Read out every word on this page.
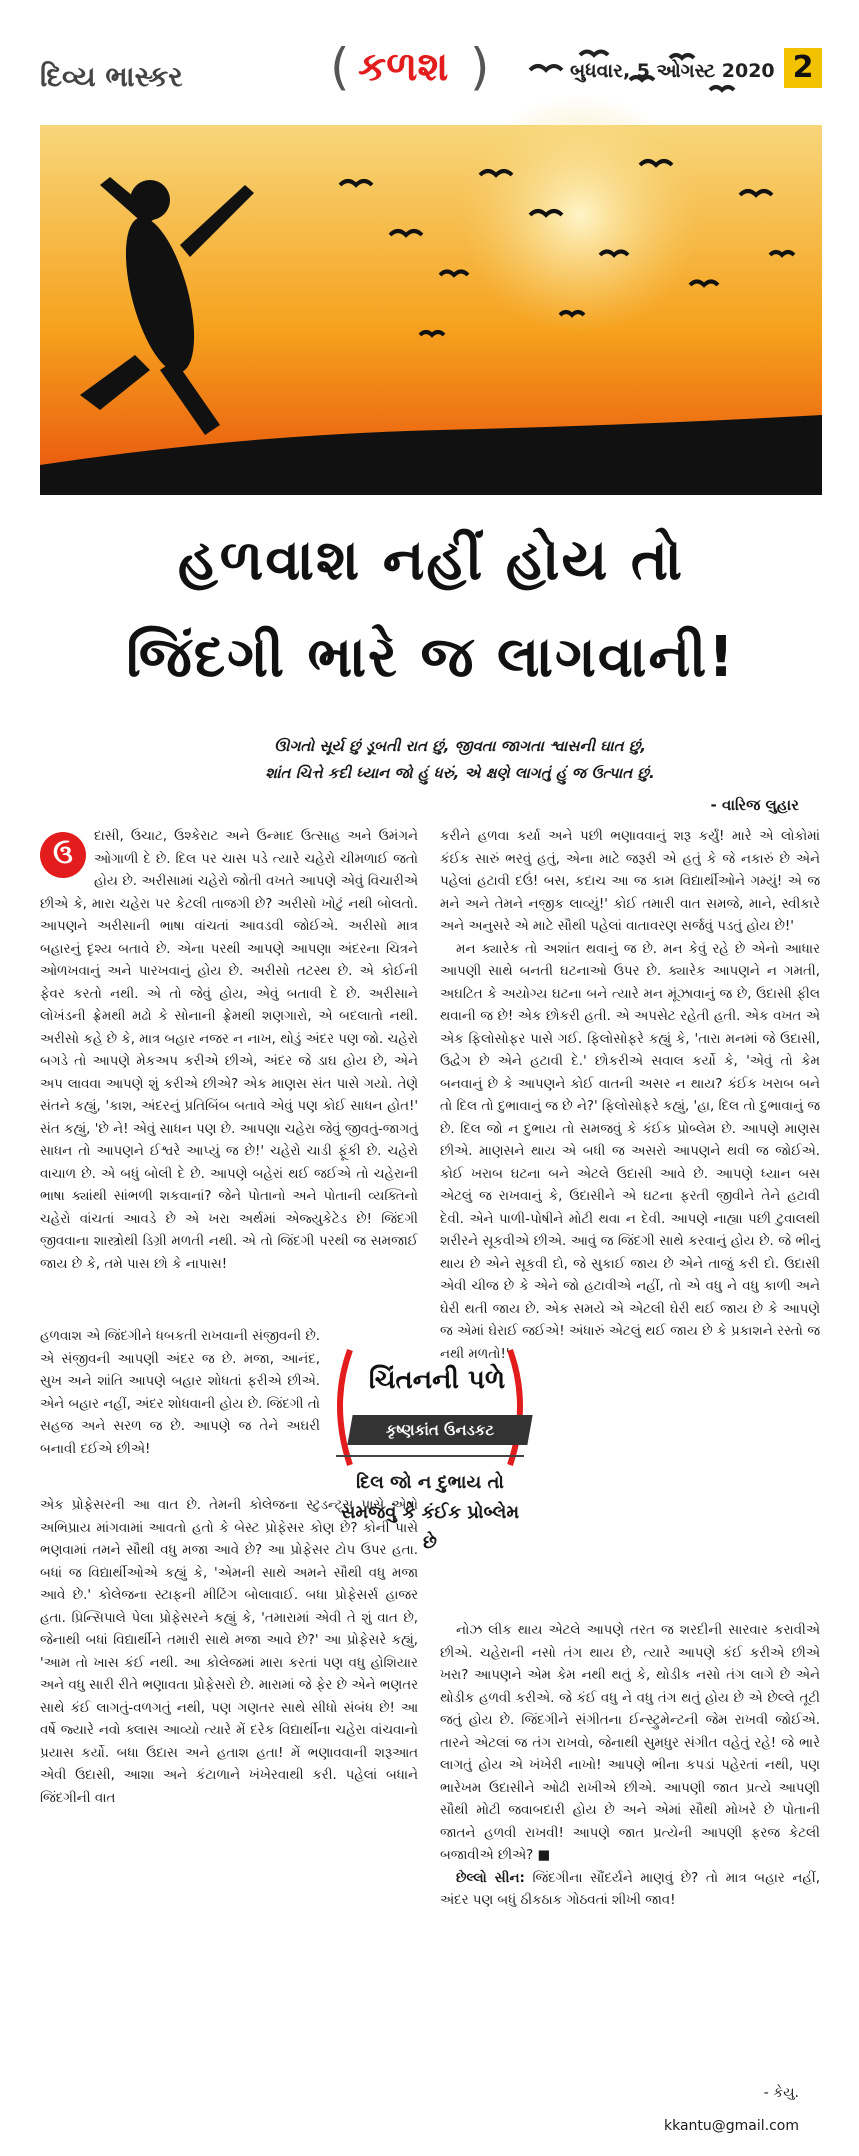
દિવ્ય ભાસ્કર	( કળશ )	બુધવાર, 5 ઓગસ્ટ 2020 2
હળવાશ નહીં હોય તો
જિંદગી ભારે જ લાગવાની!
ઊગતો સૂર્ય છું ડૂબતી રાત છું, જીવતા જાગતા શ્વાસની ઘાત છું,
શાંત ચિત્તે કદી ધ્યાન જો હું ધરું, એ ક્ષણે લાગતું હું જ ઉત્પાત છું.
- વારિજ લુહાર

ઉ
દાસી, ઉચાટ, ઉશ્કેરાટ અને ઉન્માદ ઉત્સાહ અને ઉમંગને ઓગાળી દે છે. દિલ પર ચાસ પડે ત્યારે ચહેરો ચીમળાઈ જતો હોય છે. અરીસામાં ચહેરો જોતી વખતે આપણે એવું વિચારીએ છીએ કે, મારા ચહેરા પર કેટલી તાજગી છે? અરીસો ખોટું નથી બોલતો. આપણને અરીસાની ભાષા વાંચતાં આવડવી જોઈએ. અરીસો માત્ર બહારનું દૃશ્ય બતાવે છે. એના પરથી આપણે આપણા અંદરના ચિત્રને ઓળખવાનું અને પારખવાનું હોય છે. અરીસો તટસ્થ છે. એ કોઈની ફેવર કરતો નથી. એ તો જેવું હોય, એવું બતાવી દે છે. અરીસાને લોખંડની ફ્રેમથી મઢો કે સોનાની ફ્રેમથી શણગારો, એ બદલાતો નથી. અરીસો કહે છે કે, માત્ર બહાર નજર ન નાખ, થોડું અંદર પણ જો. ચહેરો બગડે તો આપણે મેકઅપ કરીએ છીએ, અંદર જે ડાઘ હોય છે, એને અપ લાવવા આપણે શું કરીએ છીએ? એક માણસ સંત પાસે ગયો. તેણે સંતને કહ્યું, 'કાશ, અંદરનું પ્રતિબિંબ બતાવે એવું પણ કોઈ સાધન હોત!' સંત કહ્યું, 'છે ને! એવું સાધન પણ છે. આપણા ચહેરા જેવું જીવતું-જાગતું સાધન તો આપણને ઈશ્વરે આપ્યું જ છે!' ચહેરો ચાડી ફૂંકી છે. ચહેરો વાચાળ છે. એ બધું બોલી દે છે. આપણે બહેરાં થઈ જઈએ તો ચહેરાની ભાષા ક્યાંથી સાંભળી શકવાનાં? જેને પોતાનો અને પોતાની વ્યક્તિનો ચહેરો વાંચતાં આવડે છે એ ખરા અર્થમાં એજ્યુકેટેડ છે! જિંદગી જીવવાના શાસ્ત્રોથી ડિગ્રી મળતી નથી. એ તો જિંદગી પરથી જ સમજાઈ જાય છે કે, તમે પાસ છો કે નાપાસ!

હળવાશ એ જિંદગીને ધબકતી રાખવાની સંજીવની છે. એ સંજીવની આપણી અંદર જ છે. મજા, આનંદ, સુખ અને શાંતિ આપણે બહાર શોધતાં ફરીએ છીએ. એને બહાર નહીં, અંદર શોધવાની હોય છે. જિંદગી તો સહજ અને સરળ જ છે. આપણે જ તેને અઘરી બનાવી દઈએ છીએ!

એક પ્રોફેસરની આ વાત છે. તેમની કોલેજના સ્ટુડન્ટ્સ પાસે એવો અભિપ્રાય માંગવામાં આવતો હતો કે બેસ્ટ પ્રોફેસર કોણ છે? કોની પાસે ભણવામાં તમને સૌથી વધુ મજા આવે છે? આ પ્રોફેસર ટોપ ઉપર હતા. બધાં જ વિદ્યાર્થીઓએ કહ્યું કે, 'એમની સાથે અમને સૌથી વધુ મજા આવે છે.' કોલેજના સ્ટાફની મીટિંગ બોલાવાઈ. બધા પ્રોફેસર્સ હાજર હતા. પ્રિન્સિપાલે પેલા પ્રોફેસરને કહ્યું કે, 'તમારામાં એવી તે શું વાત છે, જેનાથી બધાં વિદ્યાર્થીને તમારી સાથે મજા આવે છે?' આ પ્રોફેસરે કહ્યું, 'આમ તો ખાસ કંઈ નથી. આ કોલેજમાં મારા કરતાં પણ વધુ હોશિયાર અને વધુ સારી રીતે ભણાવતા પ્રોફેસરો છે. મારામાં જે ફેર છે એને ભણતર સાથે કંઈ લાગતું-વળગતું નથી, પણ ગણતર સાથે સીધો સંબંધ છે! આ વર્ષે જ્યારે નવો ક્લાસ આવ્યો ત્યારે મેં દરેક વિદ્યાર્થીના ચહેરા વાંચવાનો પ્રયાસ કર્યો. બધા ઉદાસ અને હતાશ હતા! મેં ભણાવવાની શરૂઆત એવી ઉદાસી, આશા અને કંટાળાને ખંખેરવાથી કરી. પહેલાં બધાને જિંદગીની વાત

ચિંતનની પળે
કૃષ્ણકાંત ઉનડકટ
દિલ જો ન દુભાય તો
સમજવું કે કંઈક પ્રોબ્લેમ છે

કરીને હળવા કર્યા અને પછી ભણાવવાનું શરૂ કર્યું! મારે એ લોકોમાં કંઈક સારું ભરવું હતું, એના માટે જરૂરી એ હતું કે જે નકારું છે એને પહેલાં હટાવી દઉં! બસ, કદાચ આ જ કામ વિદ્યાર્થીઓને ગમ્યું! એ જ મને અને તેમને નજીક લાવ્યું!' કોઈ તમારી વાત સમજે, માને, સ્વીકારે અને અનુસરે એ માટે સૌથી પહેલાં વાતાવરણ સર્જવું પડતું હોય છે!'

મન ક્યારેક તો અશાંત થવાનું જ છે. મન કેવું રહે છે એનો આધાર આપણી સાથે બનતી ઘટનાઓ ઉપર છે. ક્યારેક આપણને ન ગમતી, અઘટિત કે અયોગ્ય ઘટના બને ત્યારે મન મૂંઝાવાનું જ છે, ઉદાસી ફીલ થવાની જ છે! એક છોકરી હતી. એ અપસેટ રહેતી હતી. એક વખત એ એક ફિલોસોફર પાસે ગઈ. ફિલોસોફરે કહ્યું કે, 'તારા મનમાં જે ઉદાસી, ઉદ્વેગ છે એને હટાવી દે.' છોકરીએ સવાલ કર્યો કે, 'એવું તો કેમ બનવાનું છે કે આપણને કોઈ વાતની અસર ન થાય? કંઈક ખરાબ બને તો દિલ તો દુભાવાનું જ છે ને?' ફિલોસોફરે કહ્યું, 'હા, દિલ તો દુભાવાનું જ છે. દિલ જો ન દુભાય તો સમજવું કે કંઈક પ્રોબ્લેમ છે. આપણે માણસ છીએ. માણસને થાય એ બધી જ અસરો આપણને થવી જ જોઈએ. કોઈ ખરાબ ઘટના બને એટલે ઉદાસી આવે છે. આપણે ધ્યાન બસ એટલું જ રાખવાનું કે, ઉદાસીને એ ઘટના ફરતી જીવીને તેને હટાવી દેવી. એને પાળી-પોષીને મોટી થવા ન દેવી. આપણે નાહ્યા પછી ટુવાલથી શરીરને સૂકવીએ છીએ. આવું જ જિંદગી સાથે કરવાનું હોય છે. જે ભીનું થાય છે એને સૂકવી દો, જે સુકાઈ જાય છે એને તાજું કરી દો. ઉદાસી એવી ચીજ છે કે એને જો હટાવીએ નહીં, તો એ વધુ ને વધુ કાળી અને ઘેરી થતી જાય છે. એક સમયે એ એટલી ઘેરી થઈ જાય છે કે આપણે જ એમાં ઘેરાઈ જઈએ! અંધારું એટલું થઈ જાય છે કે પ્રકાશને રસ્તો જ નથી મળતો!'

નોઝ લીક થાય એટલે આપણે તરત જ શરદીની સારવાર કરાવીએ છીએ. ચહેરાની નસો તંગ થાય છે, ત્યારે આપણે કંઈ કરીએ છીએ ખરા? આપણને એમ કેમ નથી થતું કે, થોડીક નસો તંગ લાગે છે એને થોડીક હળવી કરીએ. જે કંઈ વધુ ને વધુ તંગ થતું હોય છે એ છેલ્લે તૂટી જતું હોય છે. જિંદગીને સંગીતના ઈન્સ્ટ્રુમેન્ટની જેમ રાખવી જોઈએ. તારને એટલાં જ તંગ રાખવો, જેનાથી સુમધુર સંગીત વહેતું રહે! જે ભારે લાગતું હોય એ ખંખેરી નાખો! આપણે ભીના કપડાં પહેરતાં નથી, પણ ભારેખમ ઉદાસીને ઓઢી રાખીએ છીએ. આપણી જાત પ્રત્યે આપણી સૌથી મોટી જવાબદારી હોય છે અને એમાં સૌથી મોખરે છે પોતાની જાતને હળવી રાખવી! આપણે જાત પ્રત્યેની આપણી ફરજ કેટલી બજાવીએ છીએ? ■

છેલ્લો સીન: જિંદગીના સૌંદર્યને માણવું છે? તો માત્ર બહાર નહીં, અંદર પણ બધું ઠીકઠાક ગોઠવતાં શીખી જાવ!

- કેયુ.
kkantu@gmail.com
